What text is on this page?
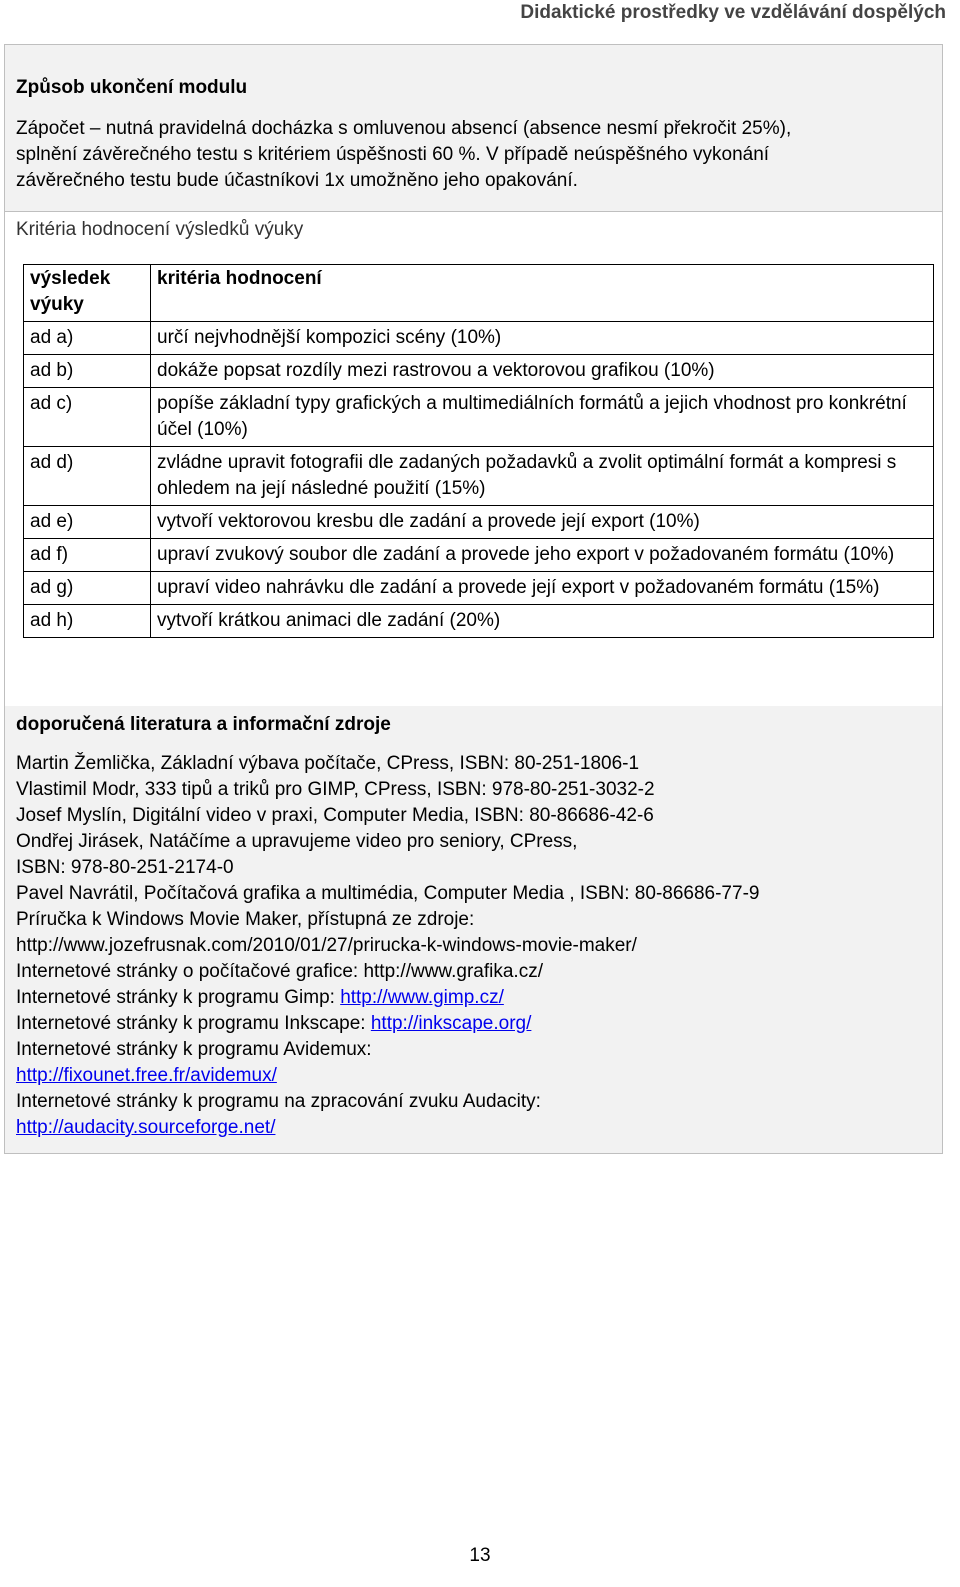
Didaktické prostředky ve vzdělávání dospělých
Způsob ukončení modulu
Zápočet – nutná pravidelná docházka s omluvenou absencí (absence nesmí překročit 25%),
splnění závěrečného testu s kritériem úspěšnosti 60 %. V případě neúspěšného vykonání
závěrečného testu bude účastníkovi 1x umožněno jeho opakování.
Kritéria hodnocení výsledků výuky
výsledek výuky	kritéria hodnocení
ad a)	určí nejvhodnější kompozici scény (10%)
ad b)	dokáže popsat rozdíly mezi rastrovou a vektorovou grafikou (10%)
ad c)	popíše základní typy grafických a multimediálních formátů a jejich vhodnost pro konkrétní účel (10%)
ad d)	zvládne upravit fotografii dle zadaných požadavků a zvolit optimální formát a kompresi s ohledem na její následné použití (15%)
ad e)	vytvoří vektorovou kresbu dle zadání a provede její export (10%)
ad f)	upraví zvukový soubor dle zadání a provede jeho export v požadovaném formátu (10%)
ad g)	upraví video nahrávku dle zadání a provede její export v požadovaném formátu (15%)
ad h)	vytvoří krátkou animaci dle zadání (20%)
doporučená literatura a informační zdroje
Martin Žemlička, Základní výbava počítače, CPress, ISBN: 80-251-1806-1
Vlastimil Modr, 333 tipů a triků pro GIMP, CPress, ISBN: 978-80-251-3032-2
Josef Myslín, Digitální video v praxi, Computer Media, ISBN: 80-86686-42-6
Ondřej Jirásek, Natáčíme a upravujeme video pro seniory, CPress,
ISBN: 978-80-251-2174-0
Pavel Navrátil, Počítačová grafika a multimédia, Computer Media , ISBN: 80-86686-77-9
Príručka k Windows Movie Maker, přístupná ze zdroje:
http://www.jozefrusnak.com/2010/01/27/prirucka-k-windows-movie-maker/
Internetové stránky o počítačové grafice: http://www.grafika.cz/
Internetové stránky k programu Gimp: http://www.gimp.cz/
Internetové stránky k programu Inkscape: http://inkscape.org/
Internetové stránky k programu Avidemux:
http://fixounet.free.fr/avidemux/
Internetové stránky k programu na zpracování zvuku Audacity:
http://audacity.sourceforge.net/
13
